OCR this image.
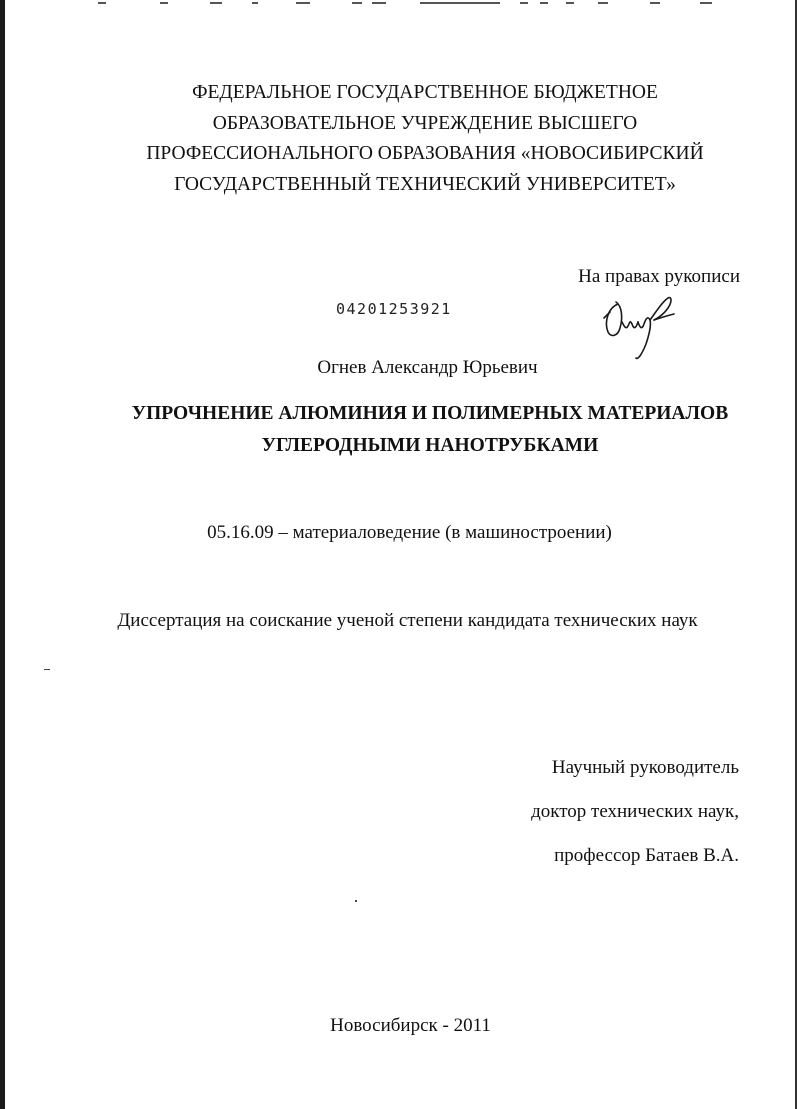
ФЕДЕРАЛЬНОЕ ГОСУДАРСТВЕННОЕ БЮДЖЕТНОЕ
ОБРАЗОВАТЕЛЬНОЕ УЧРЕЖДЕНИЕ ВЫСШЕГО
ПРОФЕССИОНАЛЬНОГО ОБРАЗОВАНИЯ «НОВОСИБИРСКИЙ
ГОСУДАРСТВЕННЫЙ ТЕХНИЧЕСКИЙ УНИВЕРСИТЕТ»
На правах рукописи
04201253921
Огнев Александр Юрьевич
УПРОЧНЕНИЕ АЛЮМИНИЯ И ПОЛИМЕРНЫХ МАТЕРИАЛОВ
УГЛЕРОДНЫМИ НАНОТРУБКАМИ
05.16.09 – материаловедение (в машиностроении)
Диссертация на соискание ученой степени кандидата технических наук
Научный руководитель
доктор технических наук,
профессор Батаев В.А.
Новосибирск - 2011
